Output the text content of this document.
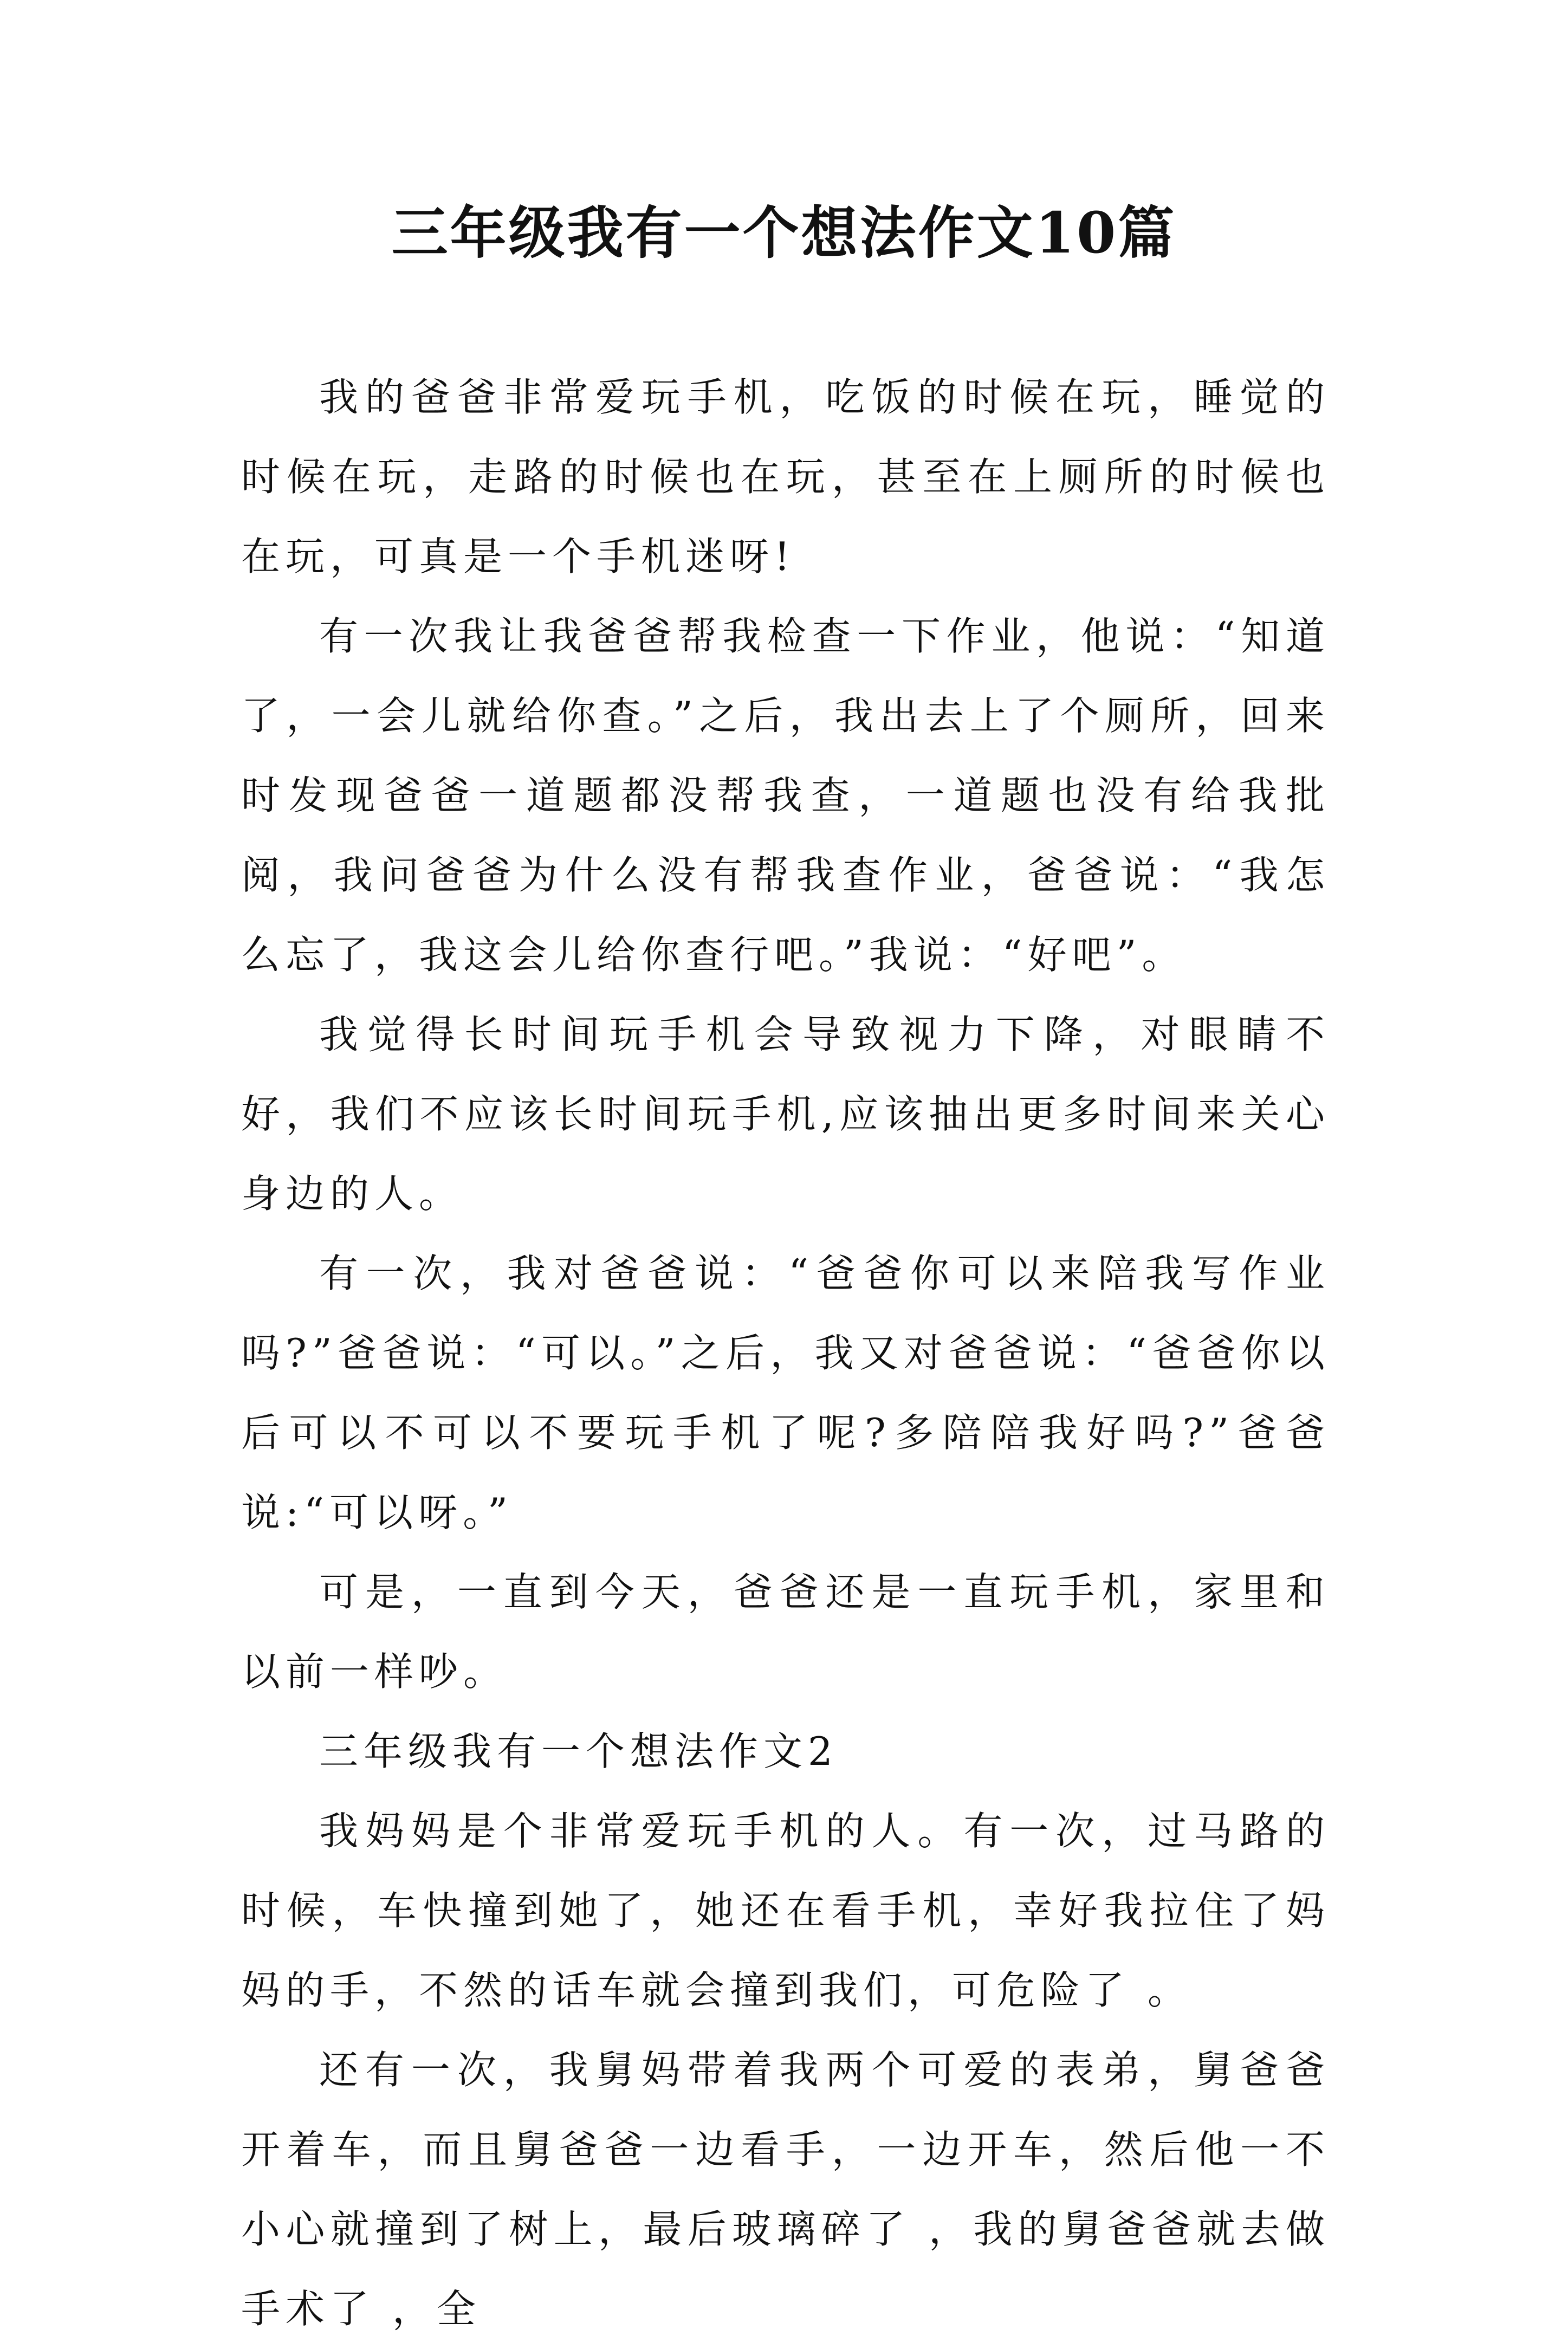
三年级我有一个想法作文10篇

我的爸爸非常爱玩手机，吃饭的时候在玩，睡觉的时候在玩，走路的时候也在玩，甚至在上厕所的时候也在玩，可真是一个手机迷呀!

有一次我让我爸爸帮我检查一下作业，他说：“知道了，一会儿就给你查。”之后，我出去上了个厕所，回来时发现爸爸一道题都没帮我查，一道题也没有给我批阅，我问爸爸为什么没有帮我查作业，爸爸说：“我怎么忘了，我这会儿给你查行吧。”我说：“好吧”。

我觉得长时间玩手机会导致视力下降，对眼睛不好，我们不应该长时间玩手机,应该抽出更多时间来关心身边的人。

有一次，我对爸爸说：“爸爸你可以来陪我写作业吗?”爸爸说：“可以。”之后，我又对爸爸说：“爸爸你以后可以不可以不要玩手机了呢?多陪陪我好吗?”爸爸说:“可以呀。”

可是，一直到今天，爸爸还是一直玩手机，家里和以前一样吵。

三年级我有一个想法作文2

我妈妈是个非常爱玩手机的人。有一次，过马路的时候，车快撞到她了，她还在看手机，幸好我拉住了妈妈的手，不然的话车就会撞到我们，可危险了 。

还有一次，我舅妈带着我两个可爱的表弟，舅爸爸开着车，而且舅爸爸一边看手，一边开车，然后他一不小心就撞到了树上，最后玻璃碎了 ，我的舅爸爸就去做手术了 ，全
